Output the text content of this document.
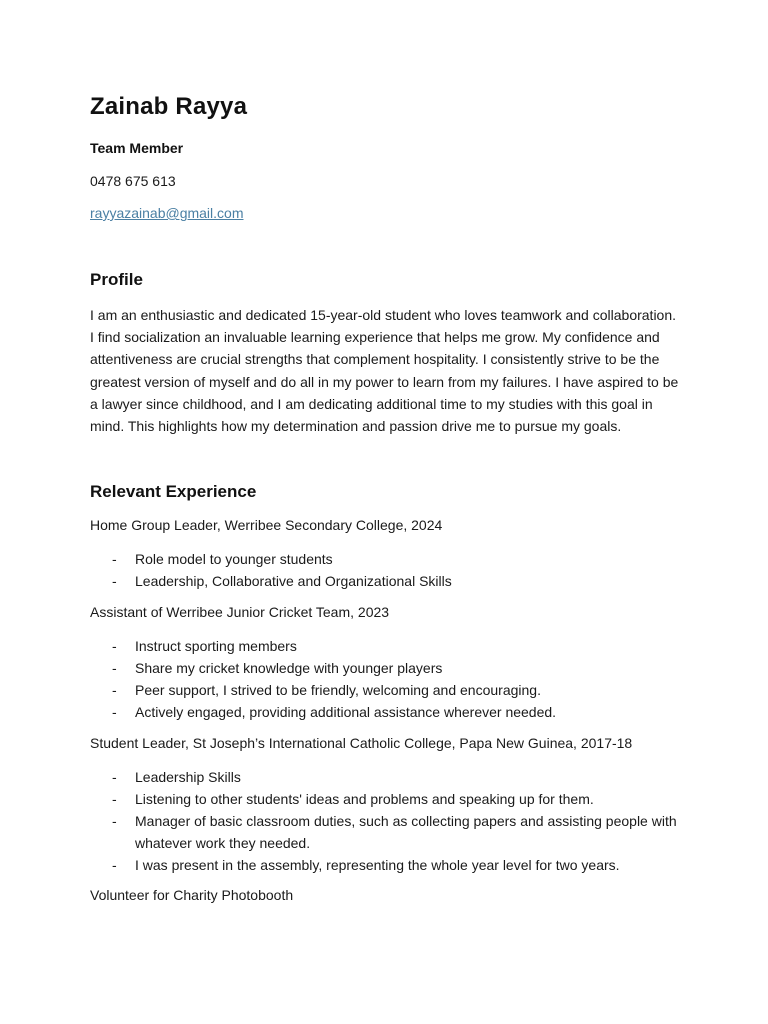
Zainab Rayya
Team Member
0478 675 613
rayyazainab@gmail.com
Profile
I am an enthusiastic and dedicated 15-year-old student who loves teamwork and collaboration. I find socialization an invaluable learning experience that helps me grow. My confidence and attentiveness are crucial strengths that complement hospitality. I consistently strive to be the greatest version of myself and do all in my power to learn from my failures. I have aspired to be a lawyer since childhood, and I am dedicating additional time to my studies with this goal in mind. This highlights how my determination and passion drive me to pursue my goals.
Relevant Experience
Home Group Leader, Werribee Secondary College, 2024
- Role model to younger students
- Leadership, Collaborative and Organizational Skills
Assistant of Werribee Junior Cricket Team, 2023
- Instruct sporting members
- Share my cricket knowledge with younger players
- Peer support, I strived to be friendly, welcoming and encouraging.
- Actively engaged, providing additional assistance wherever needed.
Student Leader, St Joseph’s International Catholic College, Papa New Guinea, 2017-18
- Leadership Skills
- Listening to other students' ideas and problems and speaking up for them.
- Manager of basic classroom duties, such as collecting papers and assisting people with whatever work they needed.
- I was present in the assembly, representing the whole year level for two years.
Volunteer for Charity Photobooth
